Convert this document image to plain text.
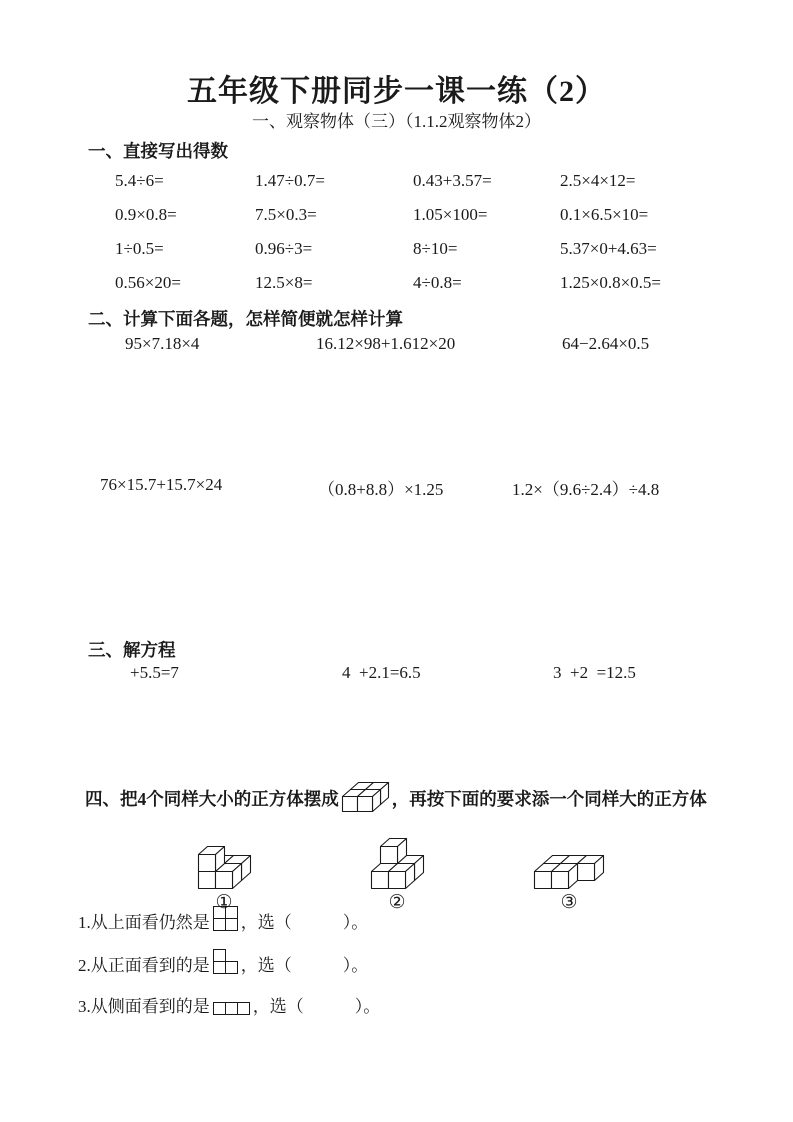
五年级下册同步一课一练（2）
一、观察物体（三）（1.1.2观察物体2）
一、直接写出得数
5.4÷6=	1.47÷0.7=	0.43+3.57=	2.5×4×12=
0.9×0.8=	7.5×0.3=	1.05×100=	0.1×6.5×10=
1÷0.5=	0.96÷3=	8÷10=	5.37×0+4.63=
0.56×20=	12.5×8=	4÷0.8=	1.25×0.8×0.5=
二、计算下面各题，怎样简便就怎样计算
95×7.18×4	16.12×98+1.612×20	64−2.64×0.5
76×15.7+15.7×24	（0.8+8.8）×1.25	1.2×（9.6÷2.4）÷4.8
三、解方程
+5.5=7	4  +2.1=6.5	3  +2  =12.5
四、把4个同样大小的正方体摆成	，再按下面的要求添一个同样大的正方体
①	②	③
1.从上面看仍然是 ，选（　　　）。
2.从正面看到的是 ，选（　　　）。
3.从侧面看到的是	，选（　　　）。
